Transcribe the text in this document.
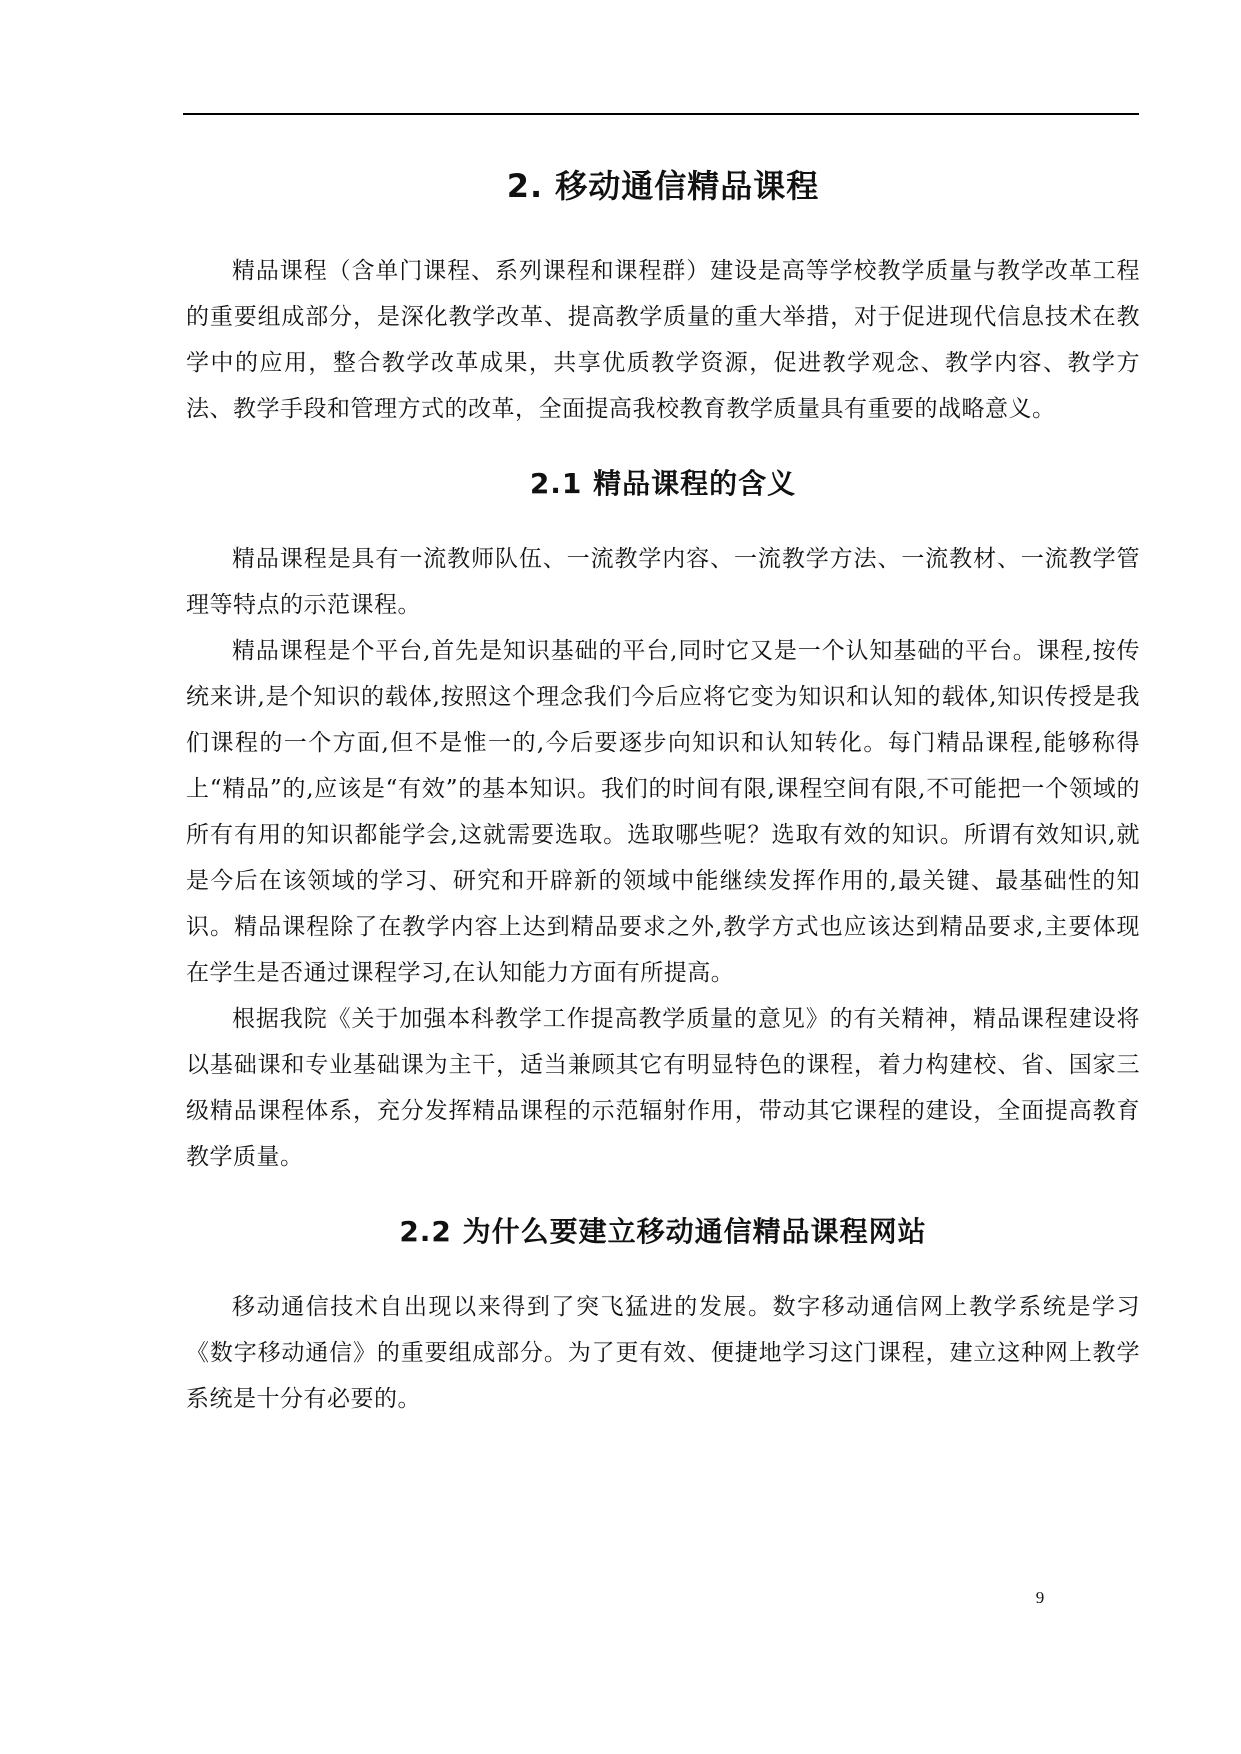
2. 移动通信精品课程

精品课程（含单门课程、系列课程和课程群）建设是高等学校教学质量与教学改革工程的重要组成部分，是深化教学改革、提高教学质量的重大举措，对于促进现代信息技术在教学中的应用，整合教学改革成果，共享优质教学资源，促进教学观念、教学内容、教学方法、教学手段和管理方式的改革，全面提高我校教育教学质量具有重要的战略意义。

2.1 精品课程的含义

精品课程是具有一流教师队伍、一流教学内容、一流教学方法、一流教材、一流教学管理等特点的示范课程。

精品课程是个平台,首先是知识基础的平台,同时它又是一个认知基础的平台。课程,按传统来讲,是个知识的载体,按照这个理念我们今后应将它变为知识和认知的载体,知识传授是我们课程的一个方面,但不是惟一的,今后要逐步向知识和认知转化。每门精品课程,能够称得上“精品”的,应该是“有效”的基本知识。我们的时间有限,课程空间有限,不可能把一个领域的所有有用的知识都能学会,这就需要选取。选取哪些呢？选取有效的知识。所谓有效知识,就是今后在该领域的学习、研究和开辟新的领域中能继续发挥作用的,最关键、最基础性的知识。精品课程除了在教学内容上达到精品要求之外,教学方式也应该达到精品要求,主要体现在学生是否通过课程学习,在认知能力方面有所提高。

根据我院《关于加强本科教学工作提高教学质量的意见》的有关精神，精品课程建设将以基础课和专业基础课为主干，适当兼顾其它有明显特色的课程，着力构建校、省、国家三级精品课程体系，充分发挥精品课程的示范辐射作用，带动其它课程的建设，全面提高教育教学质量。

2.2 为什么要建立移动通信精品课程网站

移动通信技术自出现以来得到了突飞猛进的发展。数字移动通信网上教学系统是学习《数字移动通信》的重要组成部分。为了更有效、便捷地学习这门课程，建立这种网上教学系统是十分有必要的。

9
